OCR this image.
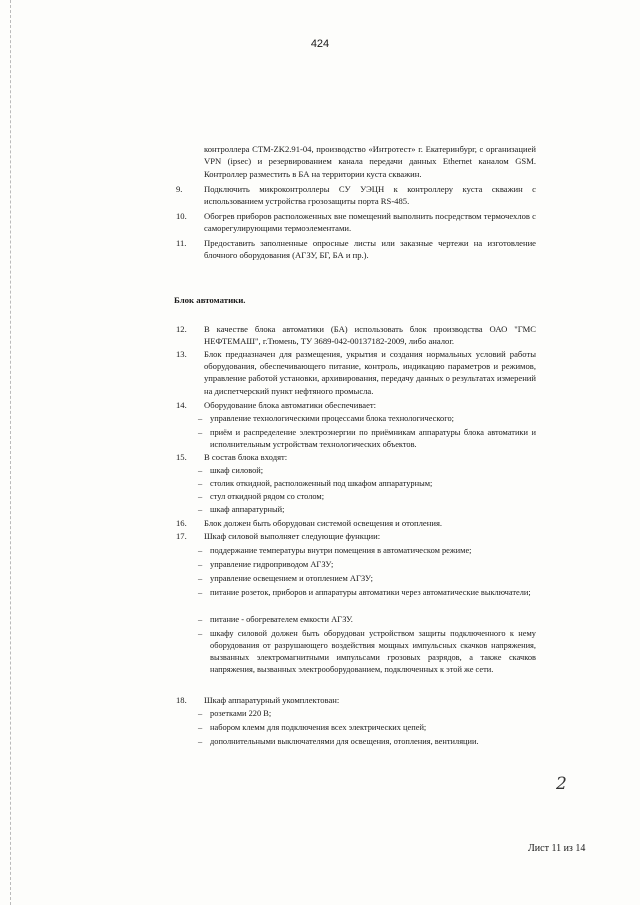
424
контроллера СТМ-ZK2.91-04, производство «Интротест» г. Екатеринбург, с организацией VPN (ipsec) и резервированием канала передачи данных Ethernet каналом GSM. Контроллер разместить в БА на территории куста скважин.
9.	Подключить микроконтроллеры СУ УЭЦН к контроллеру куста скважин с использованием устройства грозозащиты порта RS-485.
10. Обогрев приборов расположенных вне помещений выполнить посредством термочехлов с саморегулирующими термоэлементами.
11. Предоставить заполненные опросные листы или заказные чертежи на изготовление блочного оборудования (АГЗУ, БГ, БА и пр.).
Блок автоматики.
12. В качестве блока автоматики (БА) использовать блок производства ОАО "ГМС НЕФТЕМАШ", г.Тюмень, ТУ 3689-042-00137182-2009, либо аналог.
13. Блок предназначен для размещения, укрытия и создания нормальных условий работы оборудования, обеспечивающего питание, контроль, индикацию параметров и режимов, управление работой установки, архивирования, передачу данных о результатах измерений на диспетчерский пункт нефтяного промысла.
14. Оборудование блока автоматики обеспечивает:
– управление технологическими процессами блока технологического;
– приём и распределение электроэнергии по приёмникам аппаратуры блока автоматики и исполнительным устройствам технологических объектов.
15. В состав блока входят:
– шкаф силовой;
– столик откидной, расположенный под шкафом аппаратурным;
– стул откидной рядом со столом;
– шкаф аппаратурный;
16. Блок должен быть оборудован системой освещения и отопления.
17. Шкаф силовой выполняет следующие функции:
– поддержание температуры внутри помещения в автоматическом режиме;
– управление гидроприводом АГЗУ;
– управление освещением и отоплением АГЗУ;
– питание розеток, приборов и аппаратуры автоматики через автоматические выключатели;
– питание - обогревателем емкости АГЗУ.
– шкафу силовой должен быть оборудован устройством защиты подключенного к нему оборудования от разрушающего воздействия мощных импульсных скачков напряжения, вызванных электромагнитными импульсами грозовых разрядов, а также скачков напряжения, вызванных электрооборудованием, подключенных к этой же сети.
18. Шкаф аппаратурный укомплектован:
– розетками 220 В;
– набором клемм для подключения всех электрических цепей;
– дополнительными выключателями для освещения, отопления, вентиляции.
2
Лист 11 из 14
